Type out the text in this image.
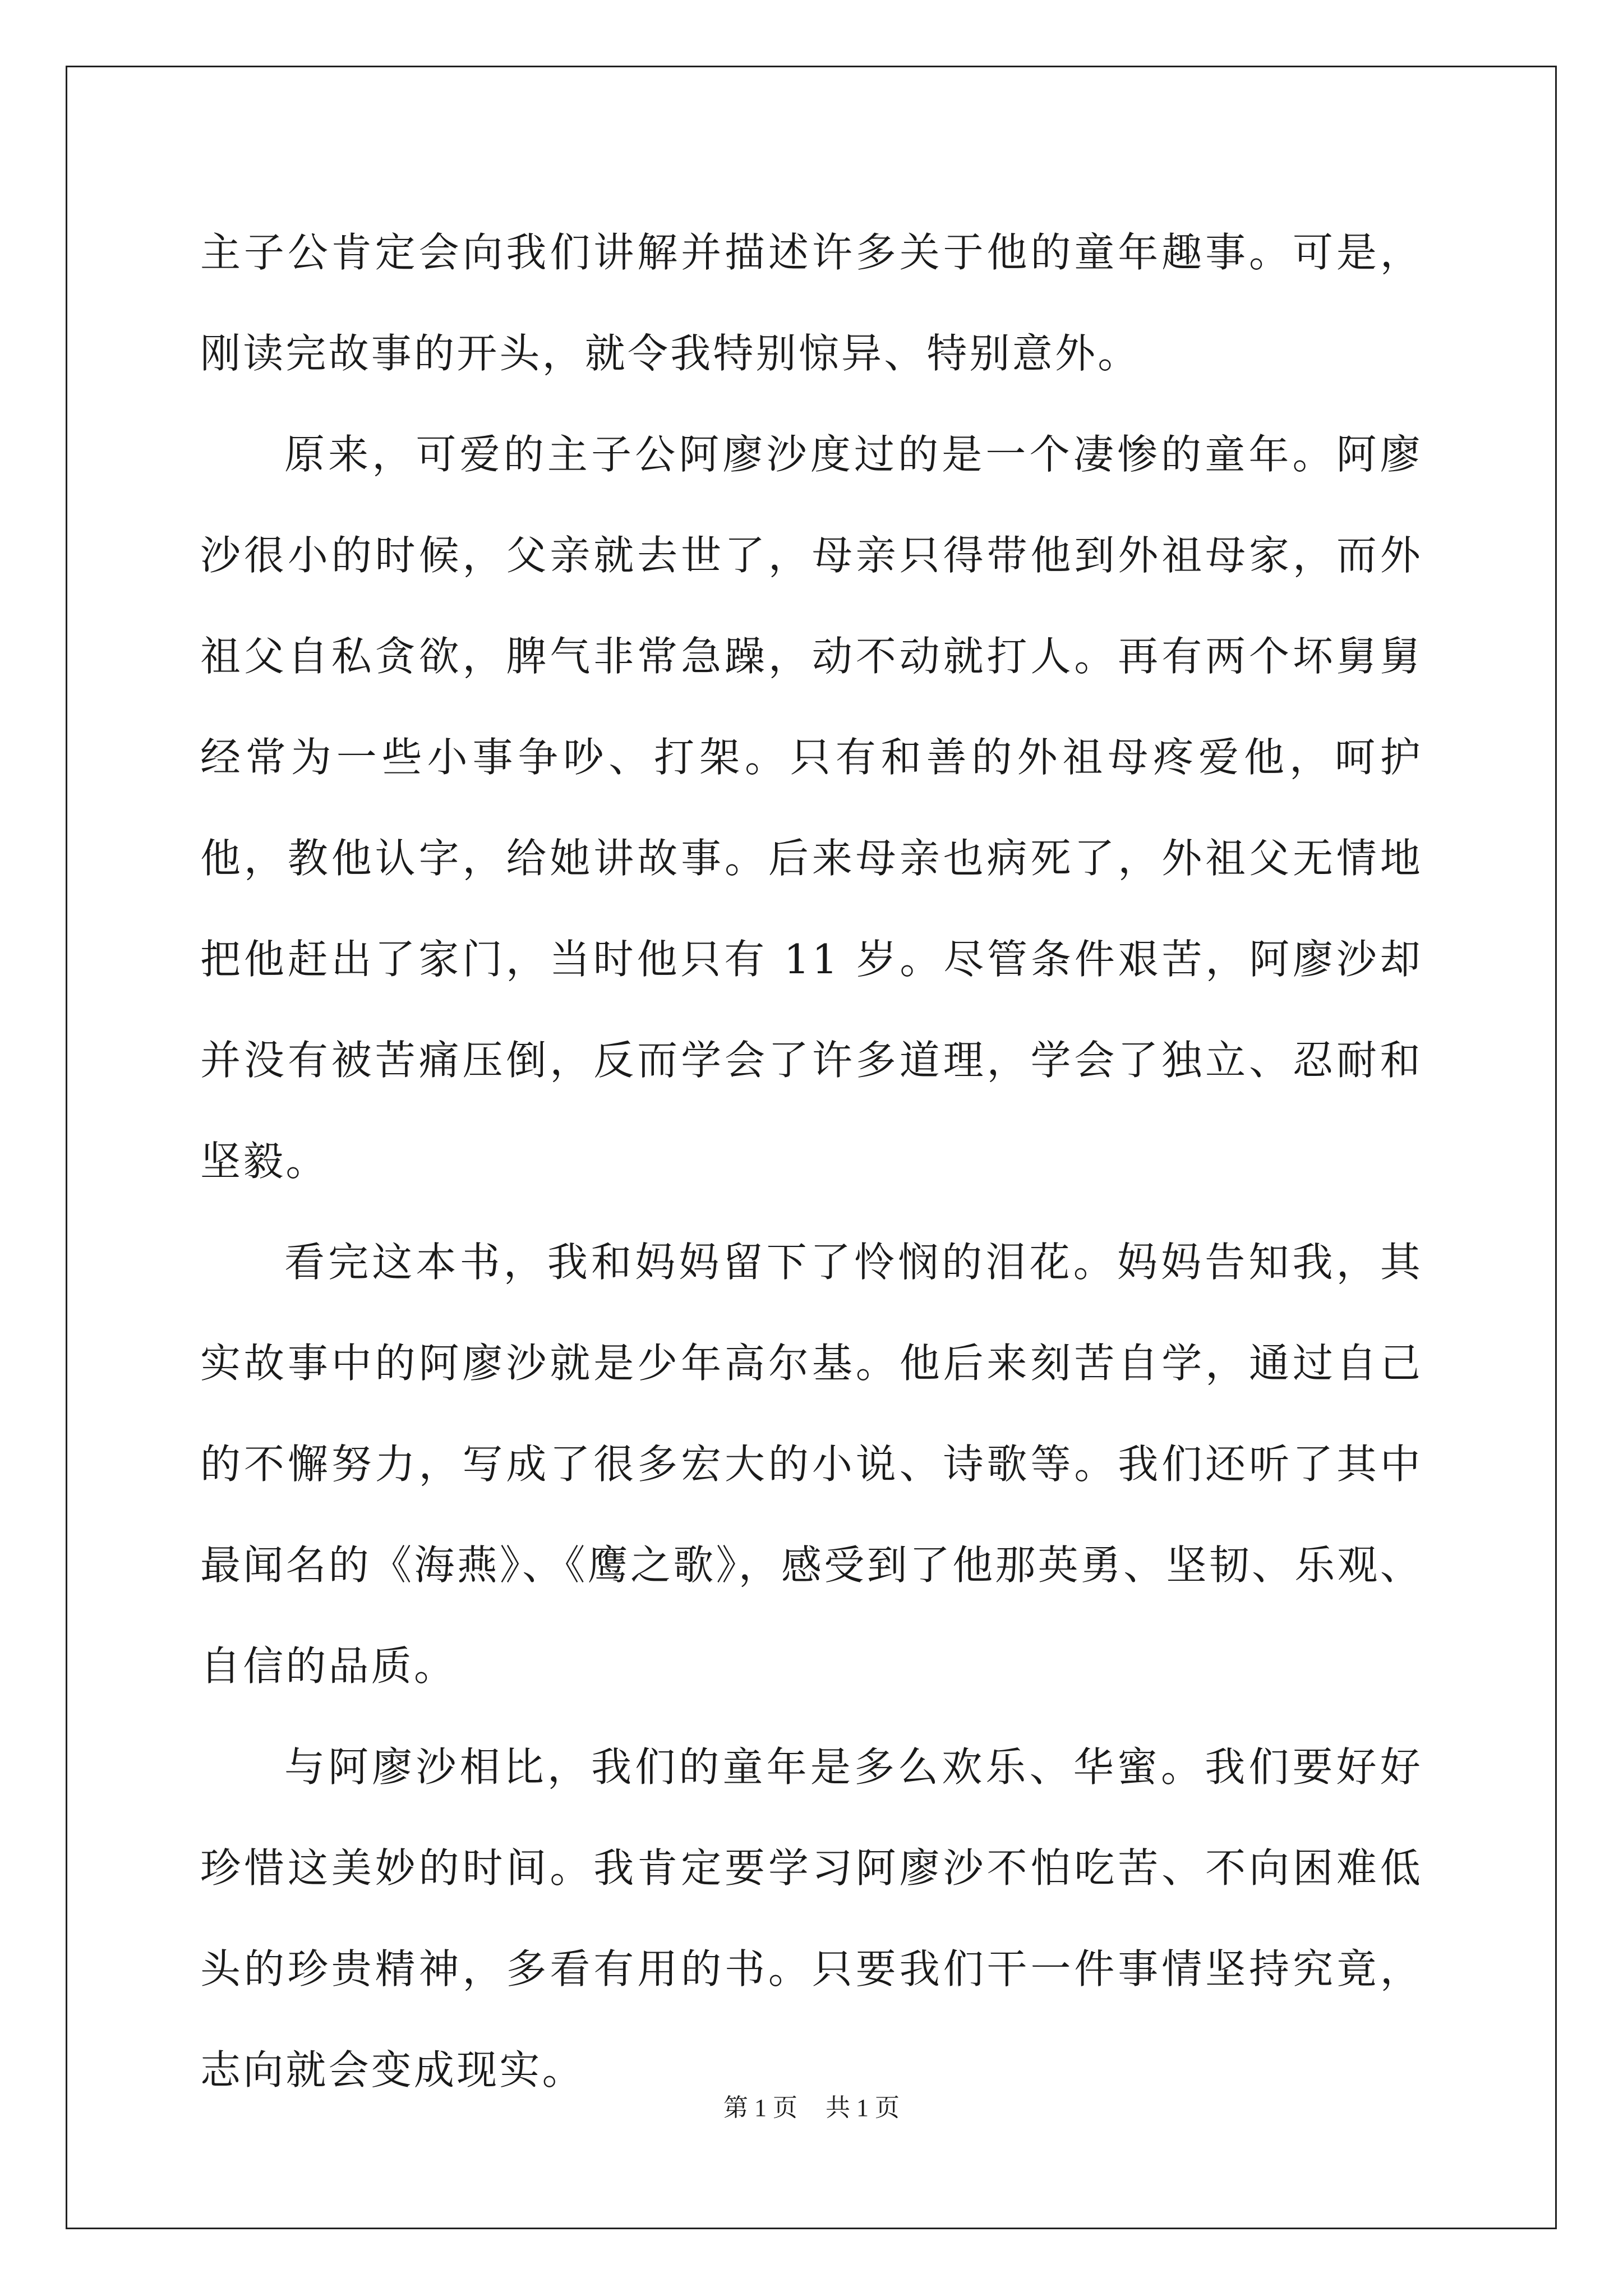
主子公肯定会向我们讲解并描述许多关于他的童年趣事。可是，刚读完故事的开头，就令我特别惊异、特别意外。

原来，可爱的主子公阿廖沙度过的是一个凄惨的童年。阿廖沙很小的时候，父亲就去世了，母亲只得带他到外祖母家，而外祖父自私贪欲，脾气非常急躁，动不动就打人。再有两个坏舅舅经常为一些小事争吵、打架。只有和善的外祖母疼爱他，呵护他，教他认字，给她讲故事。后来母亲也病死了，外祖父无情地把他赶出了家门，当时他只有 11 岁。尽管条件艰苦，阿廖沙却并没有被苦痛压倒，反而学会了许多道理，学会了独立、忍耐和坚毅。

看完这本书，我和妈妈留下了怜悯的泪花。妈妈告知我，其实故事中的阿廖沙就是少年高尔基。他后来刻苦自学，通过自己的不懈努力，写成了很多宏大的小说、诗歌等。我们还听了其中最闻名的《海燕》、《鹰之歌》，感受到了他那英勇、坚韧、乐观、自信的品质。

与阿廖沙相比，我们的童年是多么欢乐、华蜜。我们要好好珍惜这美妙的时间。我肯定要学习阿廖沙不怕吃苦、不向困难低头的珍贵精神，多看有用的书。只要我们干一件事情坚持究竟，志向就会变成现实。

第 1 页 共 1 页
